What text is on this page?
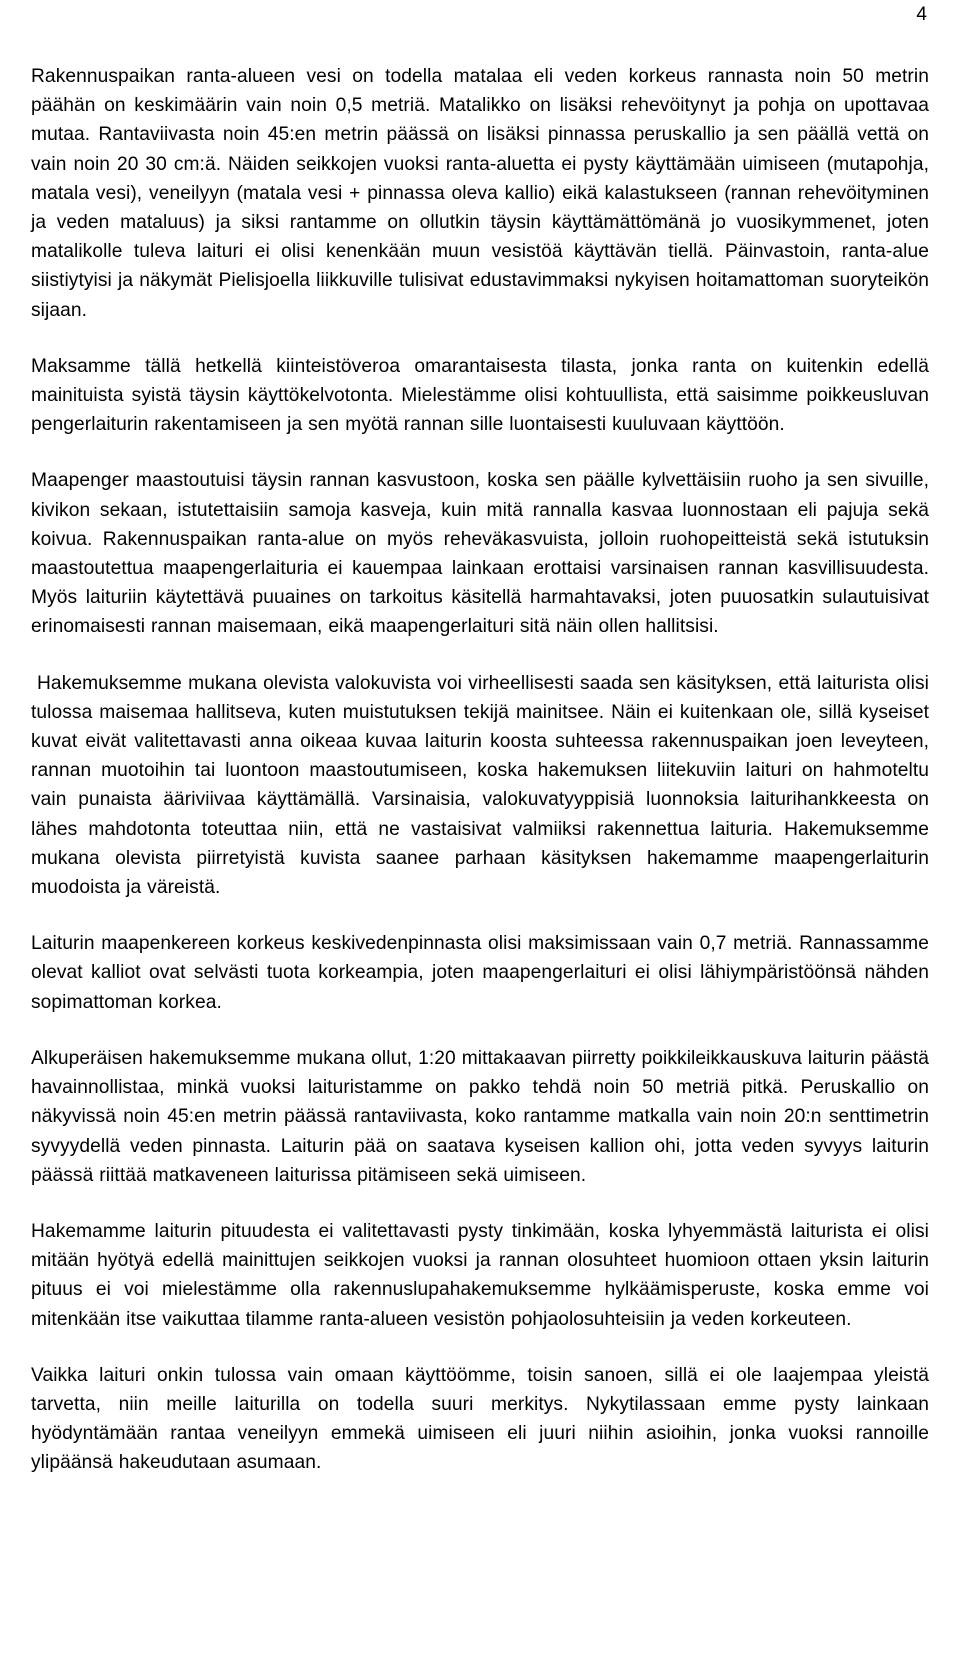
4

Rakennuspaikan ranta-alueen vesi on todella matalaa eli veden korkeus rannasta noin 50 metrin päähän on keskimäärin vain noin 0,5 metriä. Matalikko on lisäksi rehevöitynyt ja pohja on upottavaa mutaa. Rantaviivasta noin 45:en metrin päässä on lisäksi pinnassa peruskallio ja sen päällä vettä on vain noin 20 30 cm:ä. Näiden seikkojen vuoksi ranta-aluetta ei pysty käyttämään uimiseen (mutapohja, matala vesi), veneilyyn (matala vesi + pinnassa oleva kallio) eikä kalastukseen (rannan rehevöityminen ja veden mataluus) ja siksi rantamme on ollutkin täysin käyttämättömänä jo vuosikymmenet, joten matalikolle tuleva laituri ei olisi kenenkään muun vesistöä käyttävän tiellä. Päinvastoin, ranta-alue siistiytyisi ja näkymät Pielisjoella liikkuville tulisivat edustavimmaksi nykyisen hoitamattoman suoryteikön sijaan.

Maksamme tällä hetkellä kiinteistöveroa omarantaisesta tilasta, jonka ranta on kuitenkin edellä mainituista syistä täysin käyttökelvotonta. Mielestämme olisi kohtuullista, että saisimme poikkeusluvan pengerlaiturin rakentamiseen ja sen myötä rannan sille luontaisesti kuuluvaan käyttöön.

Maapenger maastoutuisi täysin rannan kasvustoon, koska sen päälle kylvettäisiin ruoho ja sen sivuille, kivikon sekaan, istutettaisiin samoja kasveja, kuin mitä rannalla kasvaa luonnostaan eli pajuja sekä koivua. Rakennuspaikan ranta-alue on myös reheväkasvuista, jolloin ruohopeitteistä sekä istutuksin maastoutettua maapengerlaituria ei kauempaa lainkaan erottaisi varsinaisen rannan kasvillisuudesta. Myös laituriin käytettävä puuaines on tarkoitus käsitellä harmahtavaksi, joten puuosatkin sulautuisivat erinomaisesti rannan maisemaan, eikä maapengerlaituri sitä näin ollen hallitsisi.

Hakemuksemme mukana olevista valokuvista voi virheellisesti saada sen käsityksen, että laiturista olisi tulossa maisemaa hallitseva, kuten muistutuksen tekijä mainitsee. Näin ei kuitenkaan ole, sillä kyseiset kuvat eivät valitettavasti anna oikeaa kuvaa laiturin koosta suhteessa rakennuspaikan joen leveyteen, rannan muotoihin tai luontoon maastoutumiseen, koska hakemuksen liitekuviin laituri on hahmoteltu vain punaista ääriviivaa käyttämällä. Varsinaisia, valokuvatyyppisiä luonnoksia laiturihankkeesta on lähes mahdotonta toteuttaa niin, että ne vastaisivat valmiiksi rakennettua laituria. Hakemuksemme mukana olevista piirretyistä kuvista saanee parhaan käsityksen hakemamme maapengerlaiturin muodoista ja väreistä.

Laiturin maapenkereen korkeus keskivedenpinnasta olisi maksimissaan vain 0,7 metriä. Rannassamme olevat kalliot ovat selvästi tuota korkeampia, joten maapengerlaituri ei olisi lähiympäristöönsä nähden sopimattoman korkea.

Alkuperäisen hakemuksemme mukana ollut, 1:20 mittakaavan piirretty poikkileikkauskuva laiturin päästä havainnollistaa, minkä vuoksi laituristamme on pakko tehdä noin 50 metriä pitkä. Peruskallio on näkyvissä noin 45:en metrin päässä rantaviivasta, koko rantamme matkalla vain noin 20:n senttimetrin syvyydellä veden pinnasta. Laiturin pää on saatava kyseisen kallion ohi, jotta veden syvyys laiturin päässä riittää matkaveneen laiturissa pitämiseen sekä uimiseen.

Hakemamme laiturin pituudesta ei valitettavasti pysty tinkimään, koska lyhyemmästä laiturista ei olisi mitään hyötyä edellä mainittujen seikkojen vuoksi ja rannan olosuhteet huomioon ottaen yksin laiturin pituus ei voi mielestämme olla rakennuslupahakemuksemme hylkäämisperuste, koska emme voi mitenkään itse vaikuttaa tilamme ranta-alueen vesistön pohjaolosuhteisiin ja veden korkeuteen.

Vaikka laituri onkin tulossa vain omaan käyttöömme, toisin sanoen, sillä ei ole laajempaa yleistä tarvetta, niin meille laiturilla on todella suuri merkitys. Nykytilassaan emme pysty lainkaan hyödyntämään rantaa veneilyyn emmekä uimiseen eli juuri niihin asioihin, jonka vuoksi rannoille ylipäänsä hakeudutaan asumaan.
